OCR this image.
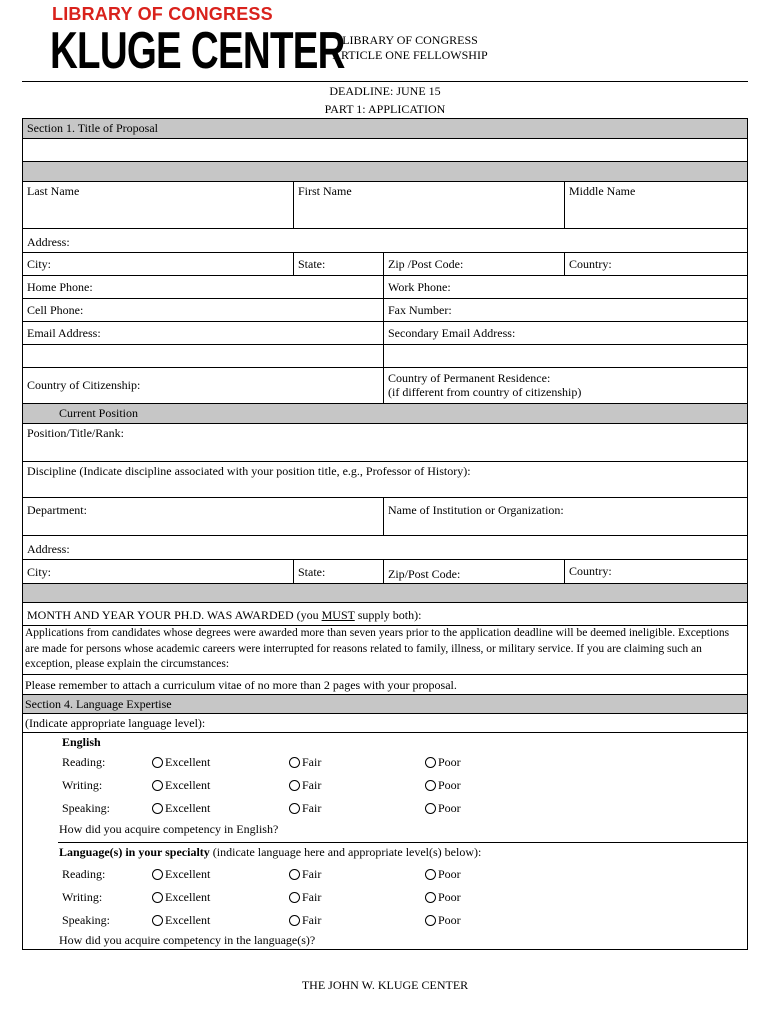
LIBRARY OF CONGRESS
KLUGE CENTER
LIBRARY OF CONGRESS
ARTICLE ONE FELLOWSHIP
DEADLINE: JUNE 15
PART 1: APPLICATION
Section 1. Title of Proposal
Last Name	First Name	Middle Name
Address:
City:	State:	Zip /Post Code:	Country:
Home Phone:	Work Phone:
Cell Phone:	Fax Number:
Email Address:	Secondary Email Address:
Country of Citizenship:	Country of Permanent Residence:
(if different from country of citizenship)
Current Position
Position/Title/Rank:
Discipline (Indicate discipline associated with your position title, e.g., Professor of History):
Department:	Name of Institution or Organization:
Address:
City:	State:	Zip/Post Code:	Country:
MONTH AND YEAR YOUR PH.D. WAS AWARDED (you MUST supply both):
Applications from candidates whose degrees were awarded more than seven years prior to the application deadline will be deemed ineligible. Exceptions are made for persons whose academic careers were interrupted for reasons related to family, illness, or military service. If you are claiming such an exception, please explain the circumstances:
Please remember to attach a curriculum vitae of no more than 2 pages with your proposal.
Section 4. Language Expertise
(Indicate appropriate language level):
English
Reading:	Excellent	Fair	Poor
Writing:	Excellent	Fair	Poor
Speaking:	Excellent	Fair	Poor
How did you acquire competency in English?
Language(s) in your specialty (indicate language here and appropriate level(s) below):
Reading:	Excellent	Fair	Poor
Writing:	Excellent	Fair	Poor
Speaking:	Excellent	Fair	Poor
How did you acquire competency in the language(s)?
THE JOHN W. KLUGE CENTER
